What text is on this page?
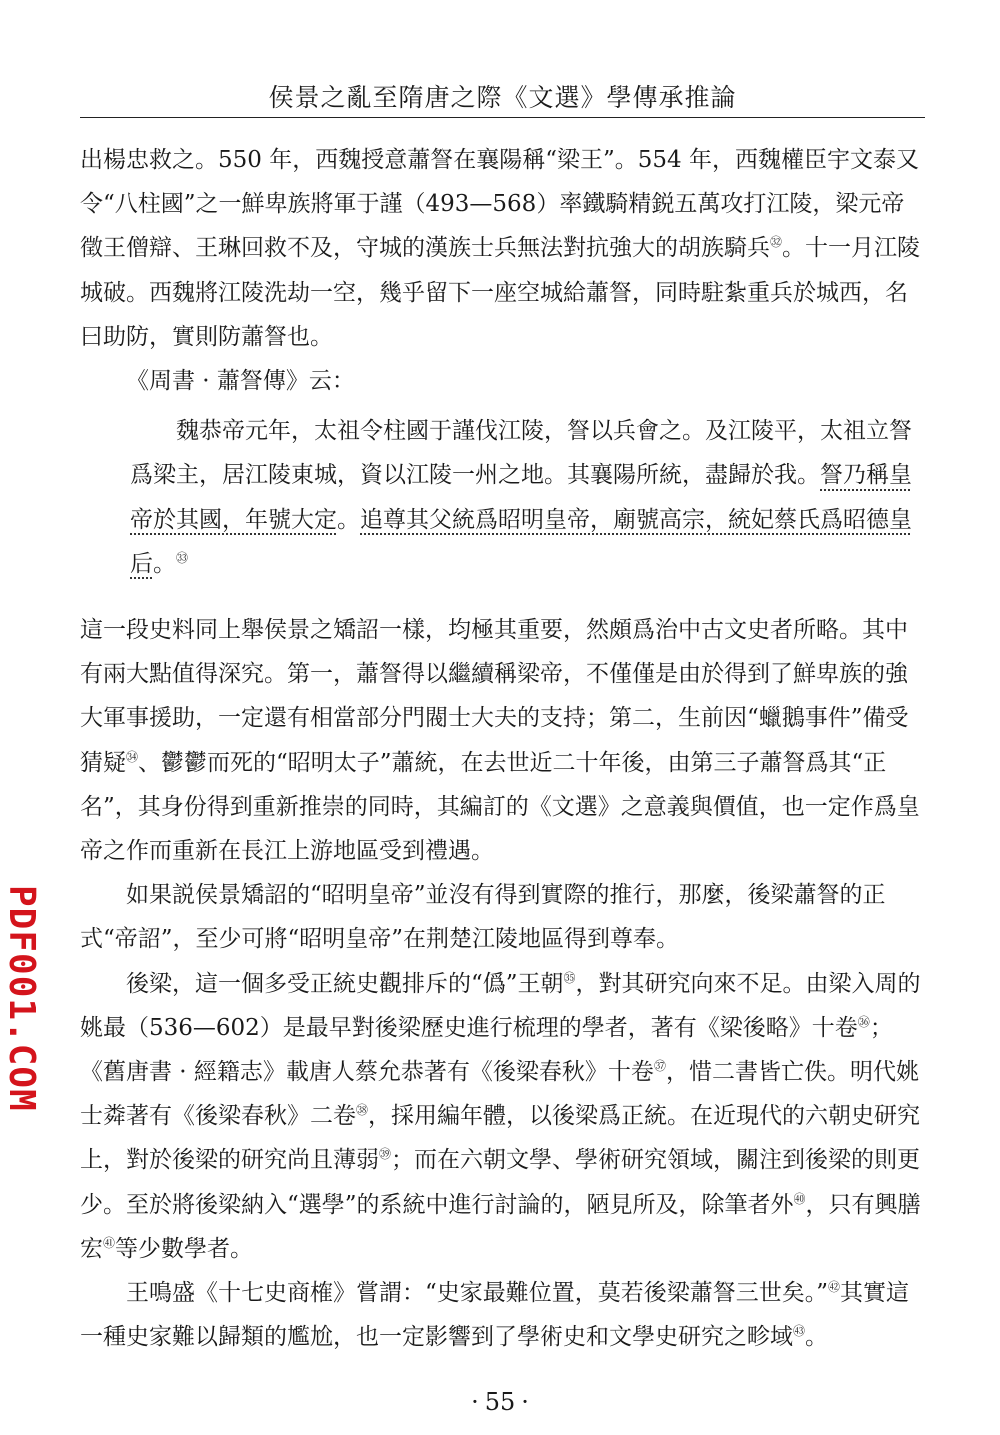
侯景之亂至隋唐之際《文選》學傳承推論

出楊忠救之。550 年，西魏授意蕭詧在襄陽稱“梁王”。554 年，西魏權臣宇文泰又令“八柱國”之一鮮卑族將軍于謹（493—568）率鐵騎精鋭五萬攻打江陵，梁元帝徵王僧辯、王琳回救不及，守城的漢族士兵無法對抗強大的胡族騎兵$^㉜$。十一月江陵城破。西魏將江陵洗劫一空，幾乎留下一座空城給蕭詧，同時駐紮重兵於城西，名曰助防，實則防蕭詧也。

《周書 · 蕭詧傳》云：

魏恭帝元年，太祖令柱國于謹伐江陵，詧以兵會之。及江陵平，太祖立詧爲梁主，居江陵東城，資以江陵一州之地。其襄陽所統，盡歸於我。詧乃稱皇帝於其國，年號大定。追尊其父統爲昭明皇帝，廟號高宗，統妃蔡氏爲昭德皇后。$^㉝$

這一段史料同上舉侯景之矯詔一樣，均極其重要，然頗爲治中古文史者所略。其中有兩大點值得深究。第一，蕭詧得以繼續稱梁帝，不僅僅是由於得到了鮮卑族的強大軍事援助，一定還有相當部分門閥士大夫的支持；第二，生前因“蠟鵝事件”備受猜疑$^㉞$、鬱鬱而死的“昭明太子”蕭統，在去世近二十年後，由第三子蕭詧爲其“正名”，其身份得到重新推崇的同時，其編訂的《文選》之意義與價值，也一定作爲皇帝之作而重新在長江上游地區受到禮遇。

如果説侯景矯詔的“昭明皇帝”並沒有得到實際的推行，那麼，後梁蕭詧的正式“帝詔”，至少可將“昭明皇帝”在荆楚江陵地區得到尊奉。

後梁，這一個多受正統史觀排斥的“僞”王朝$^㉟$，對其研究向來不足。由梁入周的姚最（536—602）是最早對後梁歷史進行梳理的學者，著有《梁後略》十卷$^㊱$；《舊唐書 · 經籍志》載唐人蔡允恭著有《後梁春秋》十卷$^㊲$，惜二書皆亡佚。明代姚士粦著有《後梁春秋》二卷$^㊳$，採用編年體，以後梁爲正統。在近現代的六朝史研究上，對於後梁的研究尚且薄弱$^㊴$；而在六朝文學、學術研究領域，關注到後梁的則更少。至於將後梁納入“選學”的系統中進行討論的，陋見所及，除筆者外$^㊵$，只有興膳宏$^㊶$等少數學者。

王鳴盛《十七史商榷》嘗謂：“史家最難位置，莫若後梁蕭詧三世矣。”$^㊷$其實這一種史家難以歸類的尷尬，也一定影響到了學術史和文學史研究之畛域$^㊸$。

PDF001.COM
· 55 ·
